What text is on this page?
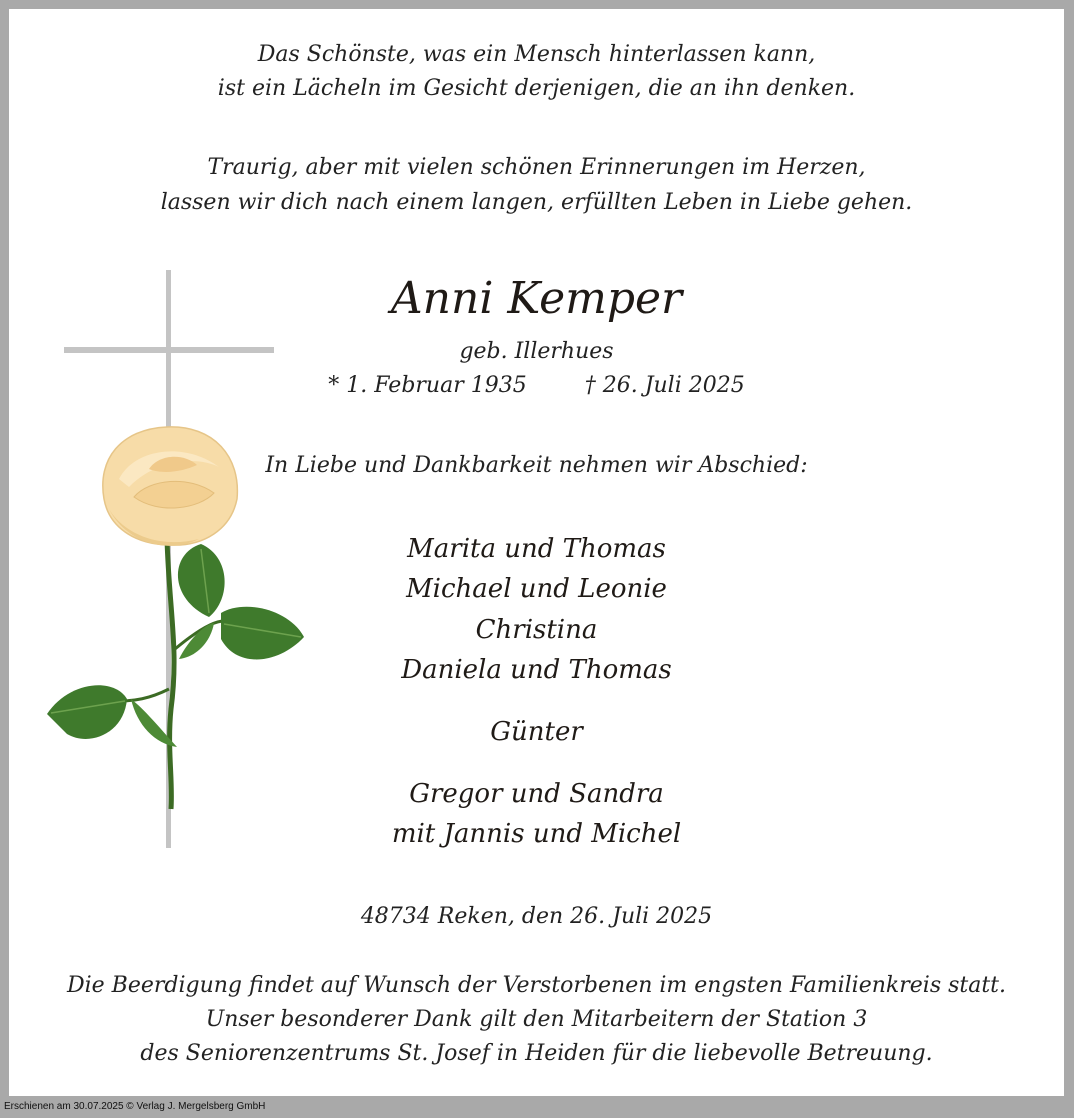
Das Schönste, was ein Mensch hinterlassen kann,
ist ein Lächeln im Gesicht derjenigen, die an ihn denken.
Traurig, aber mit vielen schönen Erinnerungen im Herzen,
lassen wir dich nach einem langen, erfüllten Leben in Liebe gehen.
Anni Kemper
geb. Illerhues
* 1. Februar 1935	† 26. Juli 2025
In Liebe und Dankbarkeit nehmen wir Abschied:
Marita und Thomas
Michael und Leonie
Christina
Daniela und Thomas
Günter
Gregor und Sandra
mit Jannis und Michel
48734 Reken, den 26. Juli 2025
Die Beerdigung findet auf Wunsch der Verstorbenen im engsten Familienkreis statt.
Unser besonderer Dank gilt den Mitarbeitern der Station 3
des Seniorenzentrums St. Josef in Heiden für die liebevolle Betreuung.
Erschienen am 30.07.2025 © Verlag J. Mergelsberg GmbH
